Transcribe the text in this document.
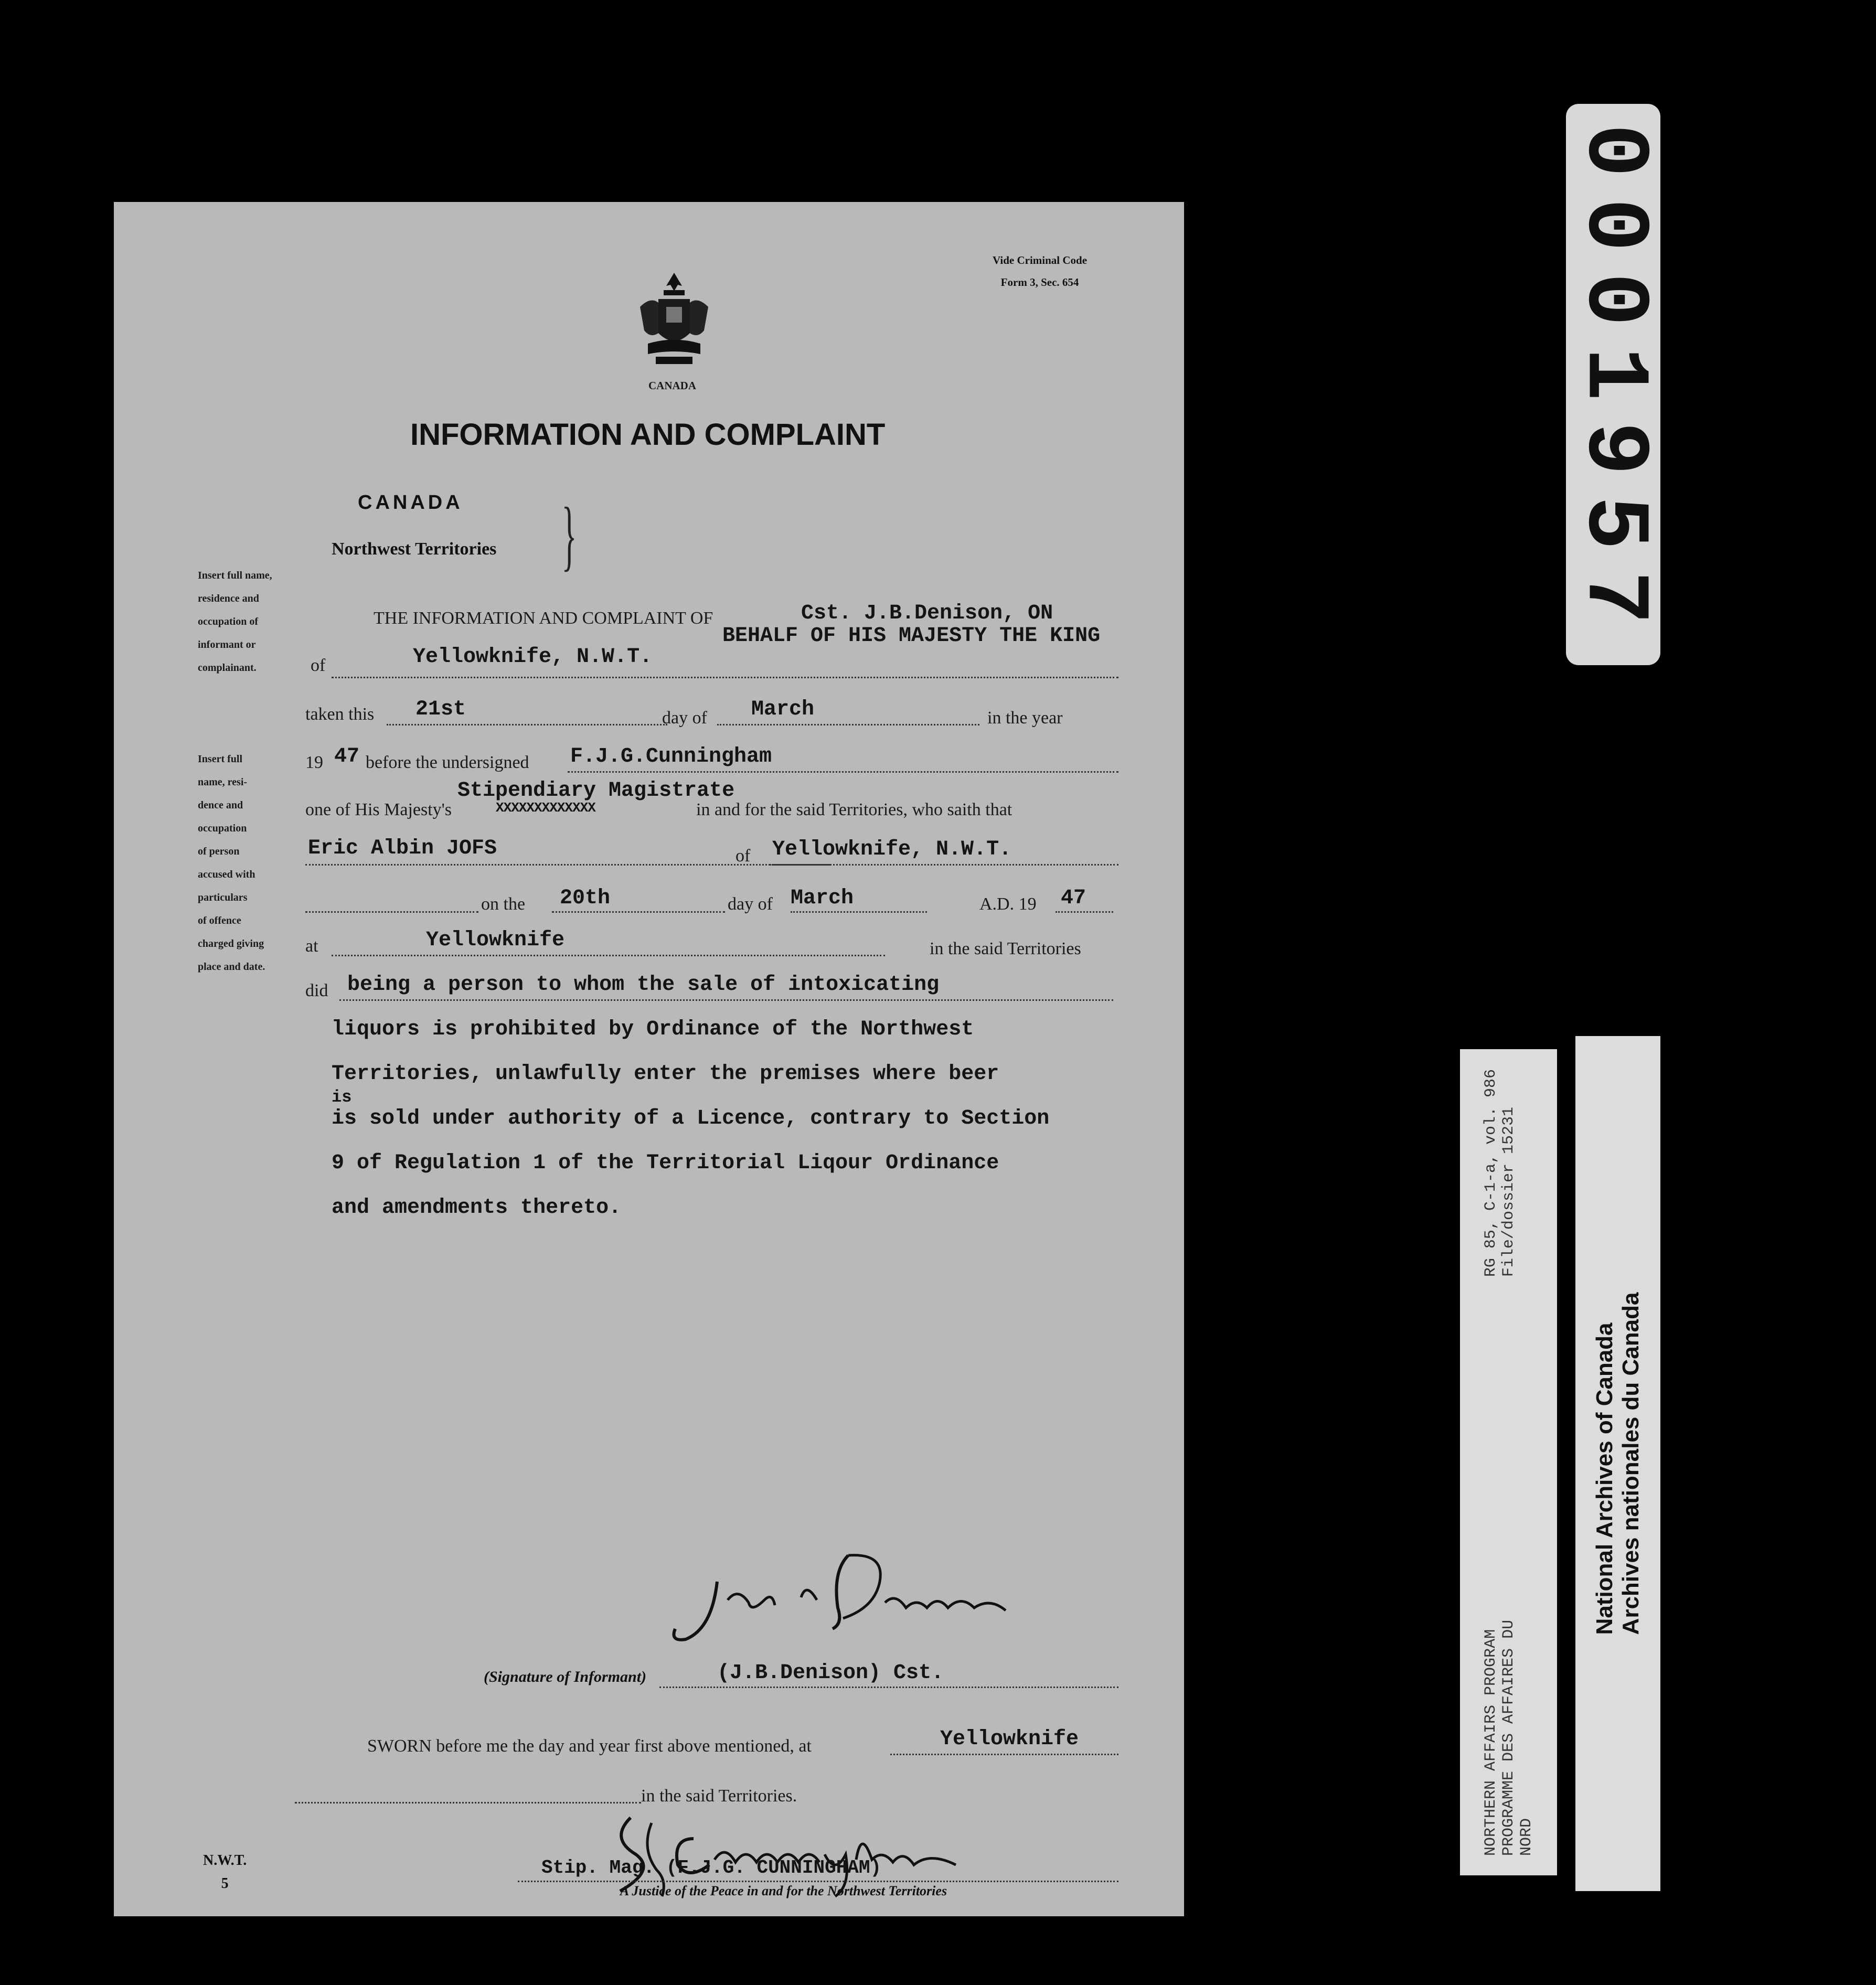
0001957
NORTHERN AFFAIRS PROGRAM PROGRAMME DES AFFAIRES DU NORD
RG 85, C-1-a, vol. 986 File/dossier 15231
National Archives of Canada Archives nationales du Canada
Vide Criminal Code
Form 3, Sec. 654
CANADA
INFORMATION AND COMPLAINT
CANADA
Northwest Territories }
Insert full name,
residence and
occupation of
informant or
complainant.
Insert full
name, resi-
dence and
occupation
of person
accused with
particulars
of offence
charged giving
place and date.
THE INFORMATION AND COMPLAINT OF	Cst. J.B.Denison, ON
BEHALF OF HIS MAJESTY THE KING
of	Yellowknife, N.W.T.
taken this 21st	day of March	in the year
19 47 before the undersigned F.J.G.Cunningham
Stipendiary Magistrate
one of His Majesty's	XXXXXXXXXXXXX	in and for the said Territories, who saith that
Eric Albin JOFS	of Yellowknife, N.W.T.
on the 20th	day of March	A.D. 19 47
at	Yellowknife	in the said Territories
did being a person to whom the sale of intoxicating
liquors is prohibited by Ordinance of the Northwest
Territories, unlawfully enter the premises where beer
is
is sold under authority of a Licence, contrary to Section
9 of Regulation 1 of the Territorial Liqour Ordinance
and amendments thereto.
(Signature of Informant)	(J.B.Denison) Cst.
SWORN before me the day and year first above mentioned, at	Yellowknife
in the said Territories.
Stip. Mag. (F.J.G. CUNNINGHAM)
A Justice of the Peace in and for the Northwest Territories
N.W.T.
5
